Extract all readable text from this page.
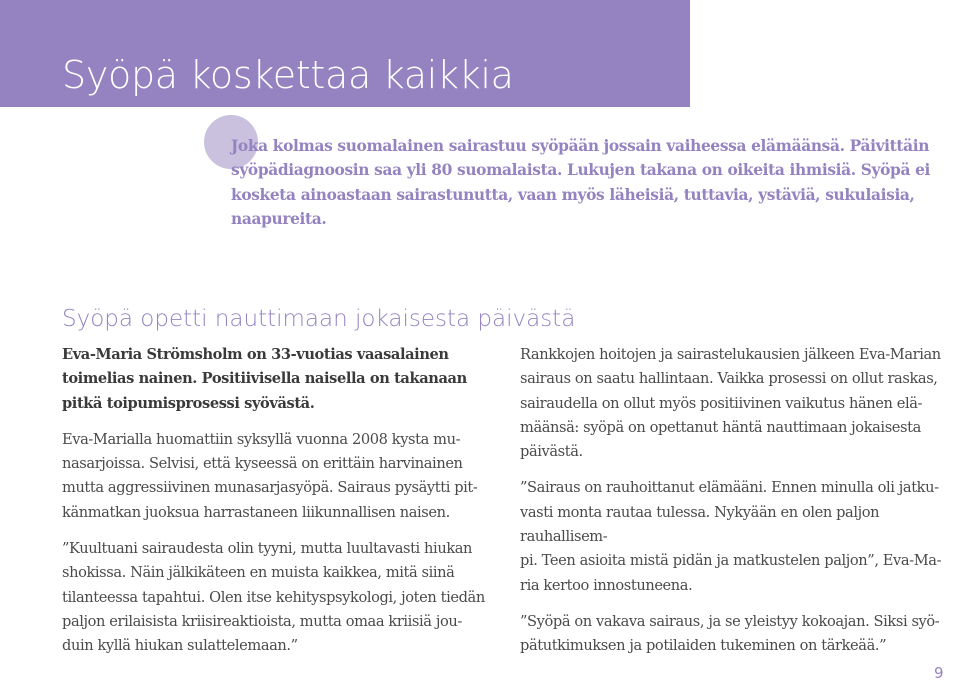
Syöpä koskettaa kaikkia

Joka kolmas suomalainen sairastuu syöpään jossain vaiheessa elämäänsä. Päivittäin
syöpädiagnoosin saa yli 80 suomalaista. Lukujen takana on oikeita ihmisiä. Syöpä ei
kosketa ainoastaan sairastunutta, vaan myös läheisiä, tuttavia, ystäviä, sukulaisia,
naapureita.

Syöpä opetti nauttimaan jokaisesta päivästä

Eva-Maria Strömsholm on 33-vuotias vaasalainen
toimelias nainen. Positiivisella naisella on takanaan
pitkä toipumisprosessi syövästä.

Eva-Marialla huomattiin syksyllä vuonna 2008 kysta mu-
nasarjoissa. Selvisi, että kyseessä on erittäin harvinainen
mutta aggressiivinen munasarjasyöpä. Sairaus pysäytti pit-
känmatkan juoksua harrastaneen liikunnallisen naisen.

”Kuultuani sairaudesta olin tyyni, mutta luultavasti hiukan
shokissa. Näin jälkikäteen en muista kaikkea, mitä siinä
tilanteessa tapahtui. Olen itse kehityspsykologi, joten tiedän
paljon erilaisista kriisireaktioista, mutta omaa kriisiä jou-
duin kyllä hiukan sulattelemaan.”

Rankkojen hoitojen ja sairastelukausien jälkeen Eva-Marian
sairaus on saatu hallintaan. Vaikka prosessi on ollut raskas,
sairaudella on ollut myös positiivinen vaikutus hänen elä-
määnsä: syöpä on opettanut häntä nauttimaan jokaisesta
päivästä.

”Sairaus on rauhoittanut elämääni. Ennen minulla oli jatku-
vasti monta rautaa tulessa. Nykyään en olen paljon rauhallisem-
pi. Teen asioita mistä pidän ja matkustelen paljon”, Eva-Ma-
ria kertoo innostuneena.

”Syöpä on vakava sairaus, ja se yleistyy kokoajan. Siksi syö-
pätutkimuksen ja potilaiden tukeminen on tärkeää.”

9
